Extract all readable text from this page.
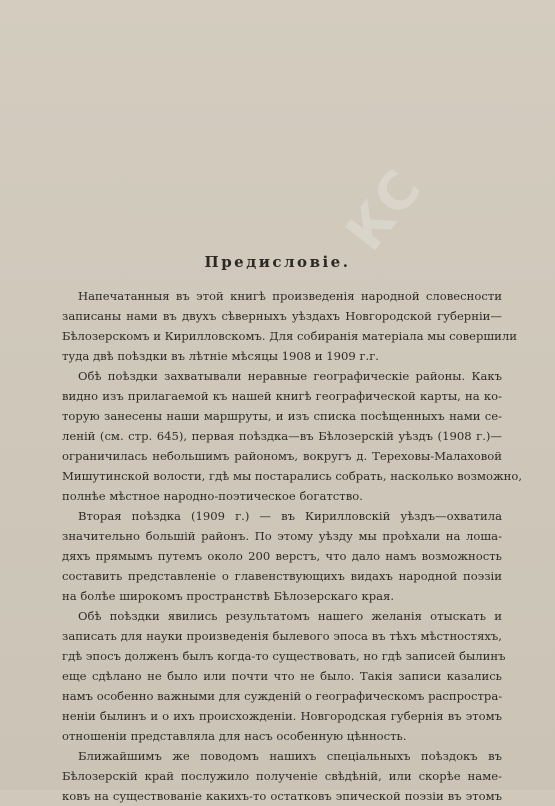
КС
Предисловіе.
Напечатанныя въ этой книгѣ произведенія народной словесности
записаны нами въ двухъ сѣверныхъ уѣздахъ Новгородской губерніи—
Бѣлозерскомъ и Кирилловскомъ. Для собиранія матеріала мы совершили
туда двѣ поѣздки въ лѣтніе мѣсяцы 1908 и 1909 г.г.
Обѣ поѣздки захватывали неравные географическіе районы. Какъ
видно изъ прилагаемой къ нашей книгѣ географической карты, на ко-
торую занесены наши маршруты, и изъ списка посѣщенныхъ нами се-
леній (см. стр. 645), первая поѣздка—въ Бѣлозерскій уѣздъ (1908 г.)—
ограничилась небольшимъ райономъ, вокругъ д. Тереховы-Малаховой
Мишутинской волости, гдѣ мы постарались собрать, насколько возможно,
полнѣе мѣстное народно-поэтическое богатство.
Вторая поѣздка (1909 г.) — въ Кирилловскій уѣздъ—охватила
значительно большій районъ. По этому уѣзду мы проѣхали на лоша-
дяхъ прямымъ путемъ около 200 верстъ, что дало намъ возможность
составить представленіе о главенствующихъ видахъ народной поэзіи
на болѣе широкомъ пространствѣ Бѣлозерскаго края.
Обѣ поѣздки явились результатомъ нашего желанія отыскать и
записать для науки произведенія былевого эпоса въ тѣхъ мѣстностяхъ,
гдѣ эпосъ долженъ былъ когда-то существовать, но гдѣ записей былинъ
еще сдѣлано не было или почти что не было. Такія записи казались
намъ особенно важными для сужденій о географическомъ распростра-
неніи былинъ и о ихъ происхожденіи. Новгородская губернія въ этомъ
отношеніи представляла для насъ особенную цѣнность.
Ближайшимъ же поводомъ нашихъ спеціальныхъ поѣздокъ въ
Бѣлозерскій край послужило полученіе свѣдѣній, или скорѣе наме-
ковъ на существованіе какихъ-то остатковъ эпической поэзіи въ этомъ
